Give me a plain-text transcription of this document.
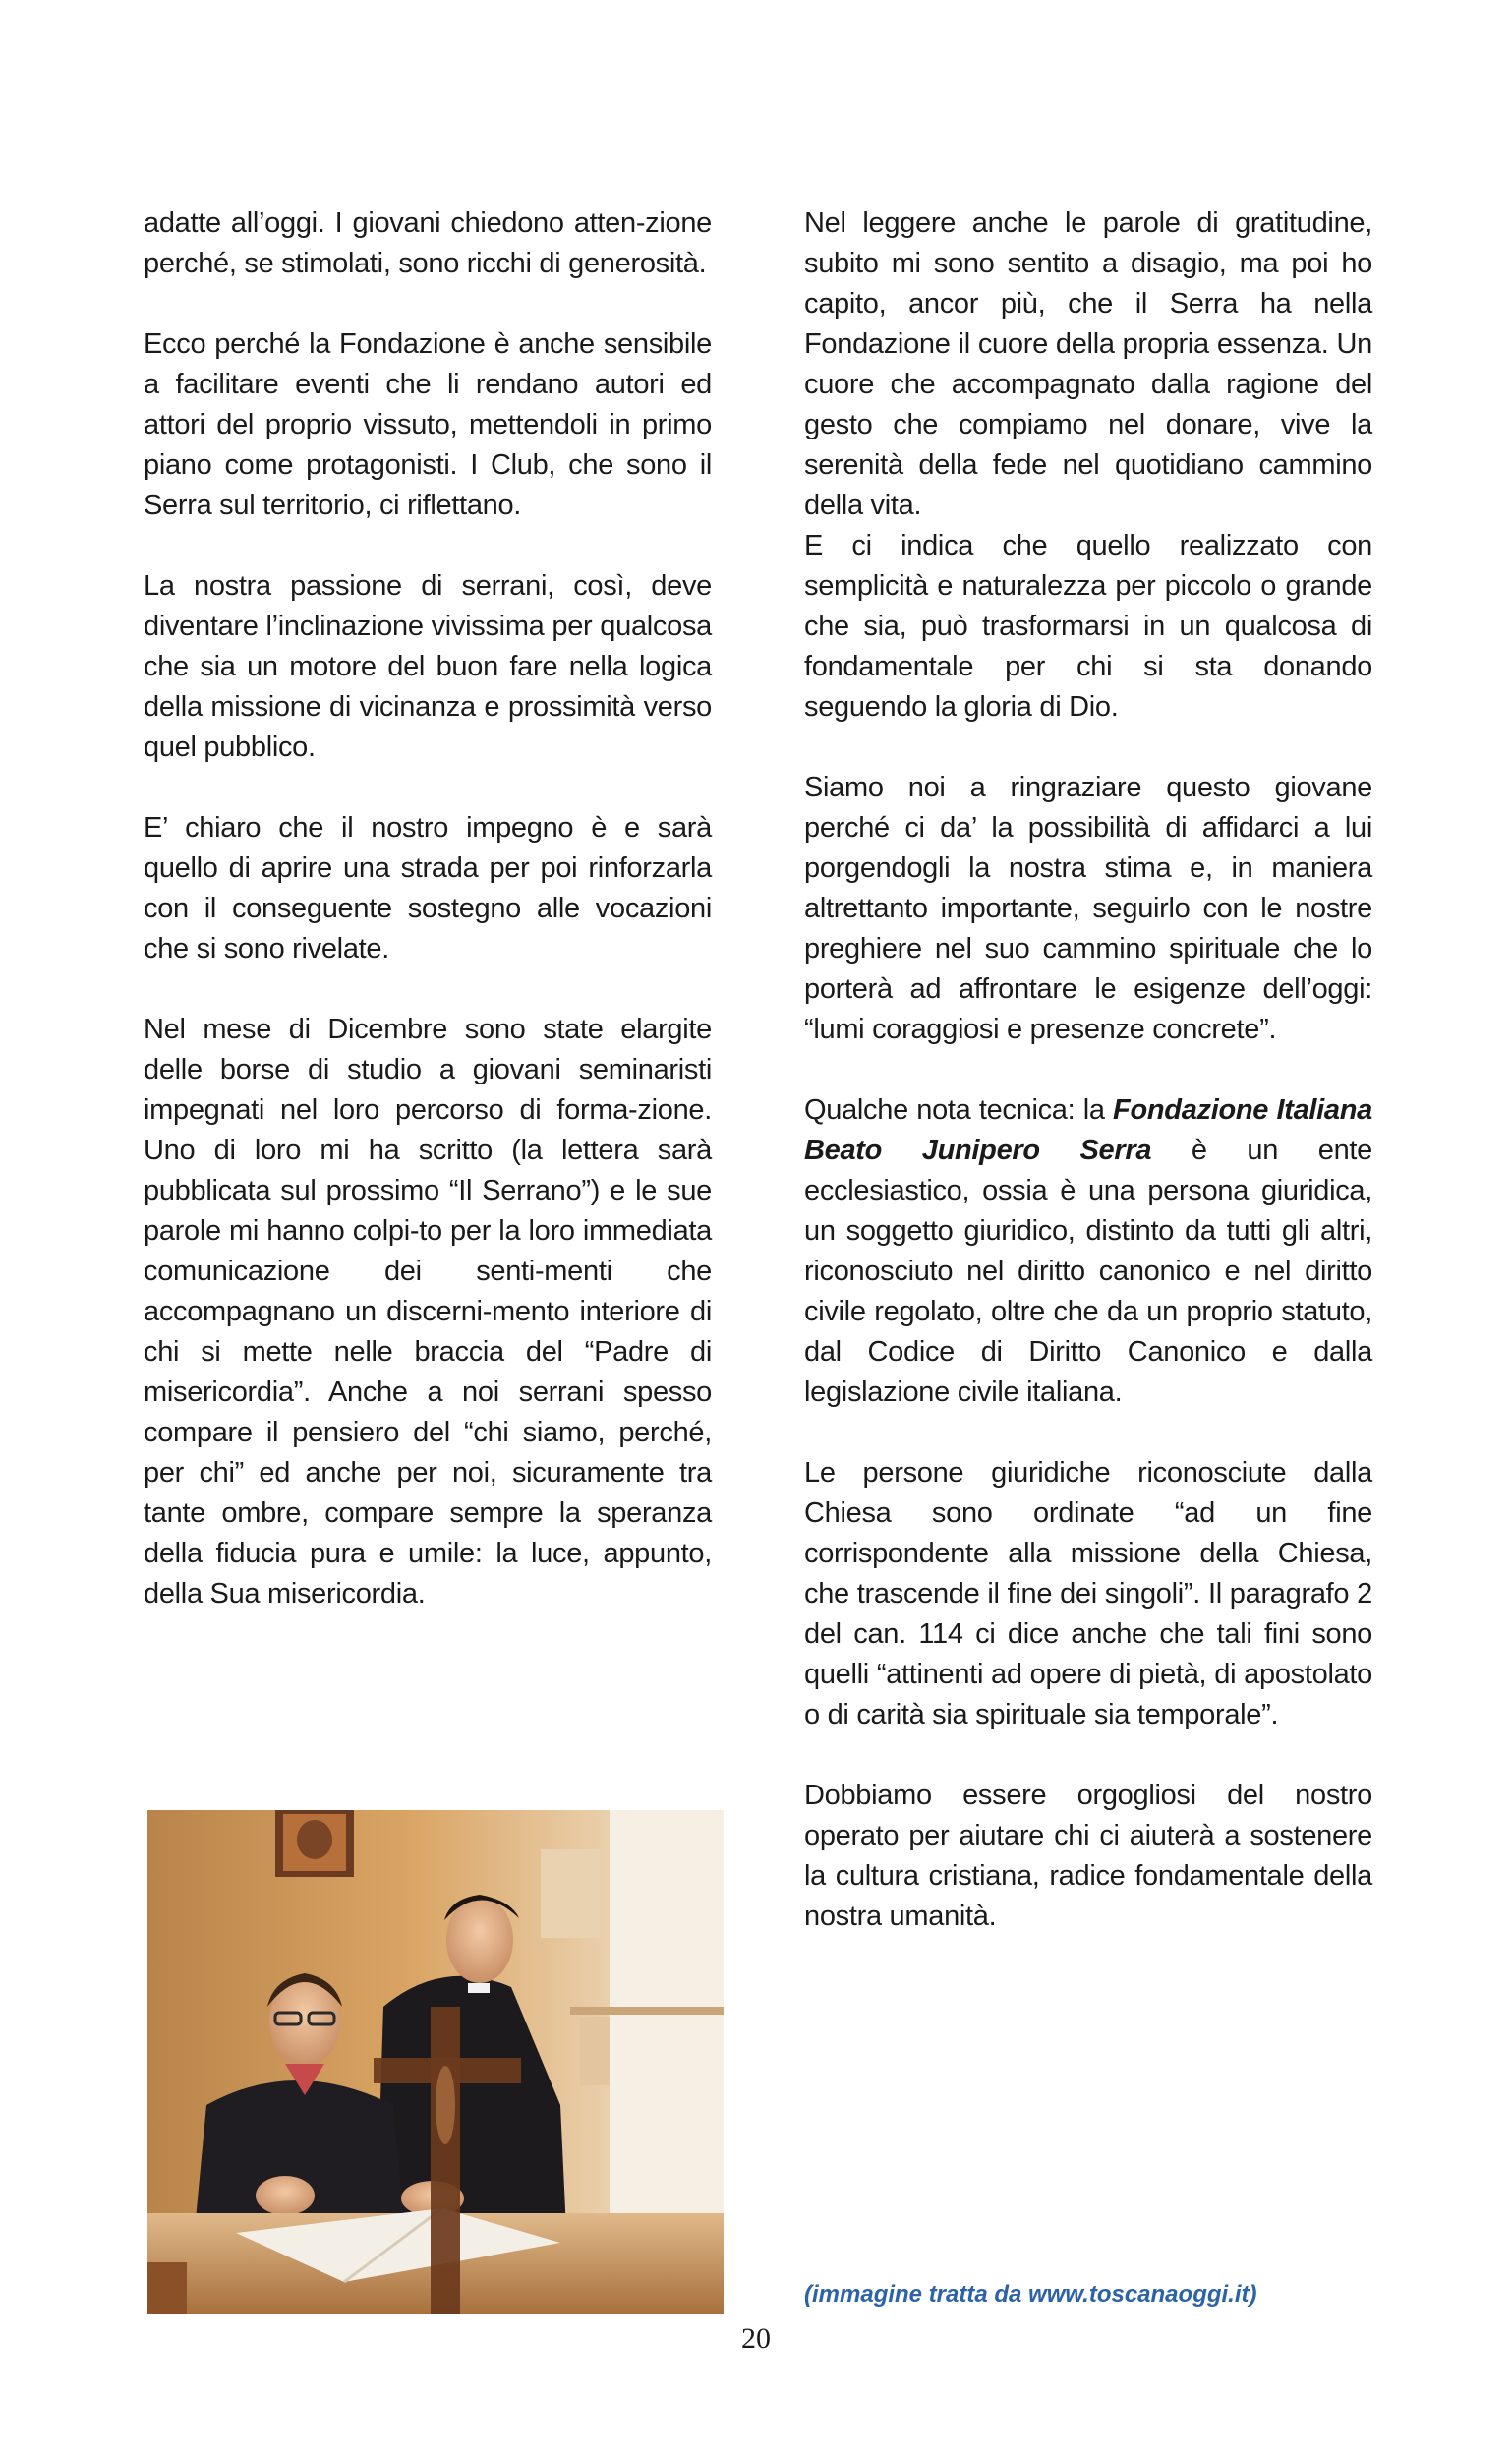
adatte all’oggi. I giovani chiedono atten-zione perché, se stimolati, sono ricchi di generosità.

Ecco perché la Fondazione è anche sensibile a facilitare eventi che li rendano autori ed attori del proprio vissuto, mettendoli in primo piano come protagonisti. I Club, che sono il Serra sul territorio, ci riflettano.

La nostra passione di serrani, così, deve diventare l’inclinazione vivissima per qualcosa che sia un motore del buon fare nella logica della missione di vicinanza e prossimità verso quel pubblico.

E’ chiaro che il nostro impegno è e sarà quello di aprire una strada per poi rinforzarla con il conseguente sostegno alle vocazioni che si sono rivelate.

Nel mese di Dicembre sono state elargite delle borse di studio a giovani seminaristi impegnati nel loro percorso di forma-zione. Uno di loro mi ha scritto (la lettera sarà pubblicata sul prossimo “Il Serrano”) e le sue parole mi hanno colpi-to per la loro immediata comunicazione dei senti-menti che accompagnano un discerni-mento interiore di chi si mette nelle braccia del “Padre di misericordia”. Anche a noi serrani spesso compare il pensiero del “chi siamo, perché, per chi” ed anche per noi, sicuramente tra tante ombre, compare sempre la speranza della fiducia pura e umile: la luce, appunto, della Sua misericordia.

Nel leggere anche le parole di gratitudine, subito mi sono sentito a disagio, ma poi ho capito, ancor più, che il Serra ha nella Fondazione il cuore della propria essenza. Un cuore che accompagnato dalla ragione del gesto che compiamo nel donare, vive la serenità della fede nel quotidiano cammino della vita.

E ci indica che quello realizzato con semplicità e naturalezza per piccolo o grande che sia, può trasformarsi in un qualcosa di fondamentale per chi si sta donando seguendo la gloria di Dio.

Siamo noi a ringraziare questo giovane perché ci da’ la possibilità di affidarci a lui porgendogli la nostra stima e, in maniera altrettanto importante, seguirlo con le nostre preghiere nel suo cammino spirituale che lo porterà ad affrontare le esigenze dell’oggi: “lumi coraggiosi e presenze concrete”.

Qualche nota tecnica: la Fondazione Italiana Beato Junipero Serra è un ente ecclesiastico, ossia è una persona giuridica, un soggetto giuridico, distinto da tutti gli altri, riconosciuto nel diritto canonico e nel diritto civile regolato, oltre che da un proprio statuto, dal Codice di Diritto Canonico e dalla legislazione civile italiana.

Le persone giuridiche riconosciute dalla Chiesa sono ordinate “ad un fine corrispondente alla missione della Chiesa, che trascende il fine dei singoli”. Il paragrafo 2 del can. 114 ci dice anche che tali fini sono quelli “attinenti ad opere di pietà, di apostolato o di carità sia spirituale sia temporale”.

Dobbiamo essere orgogliosi del nostro operato per aiutare chi ci aiuterà a sostenere la cultura cristiana, radice fondamentale della nostra umanità.

(immagine tratta da www.toscanaoggi.it)
20
